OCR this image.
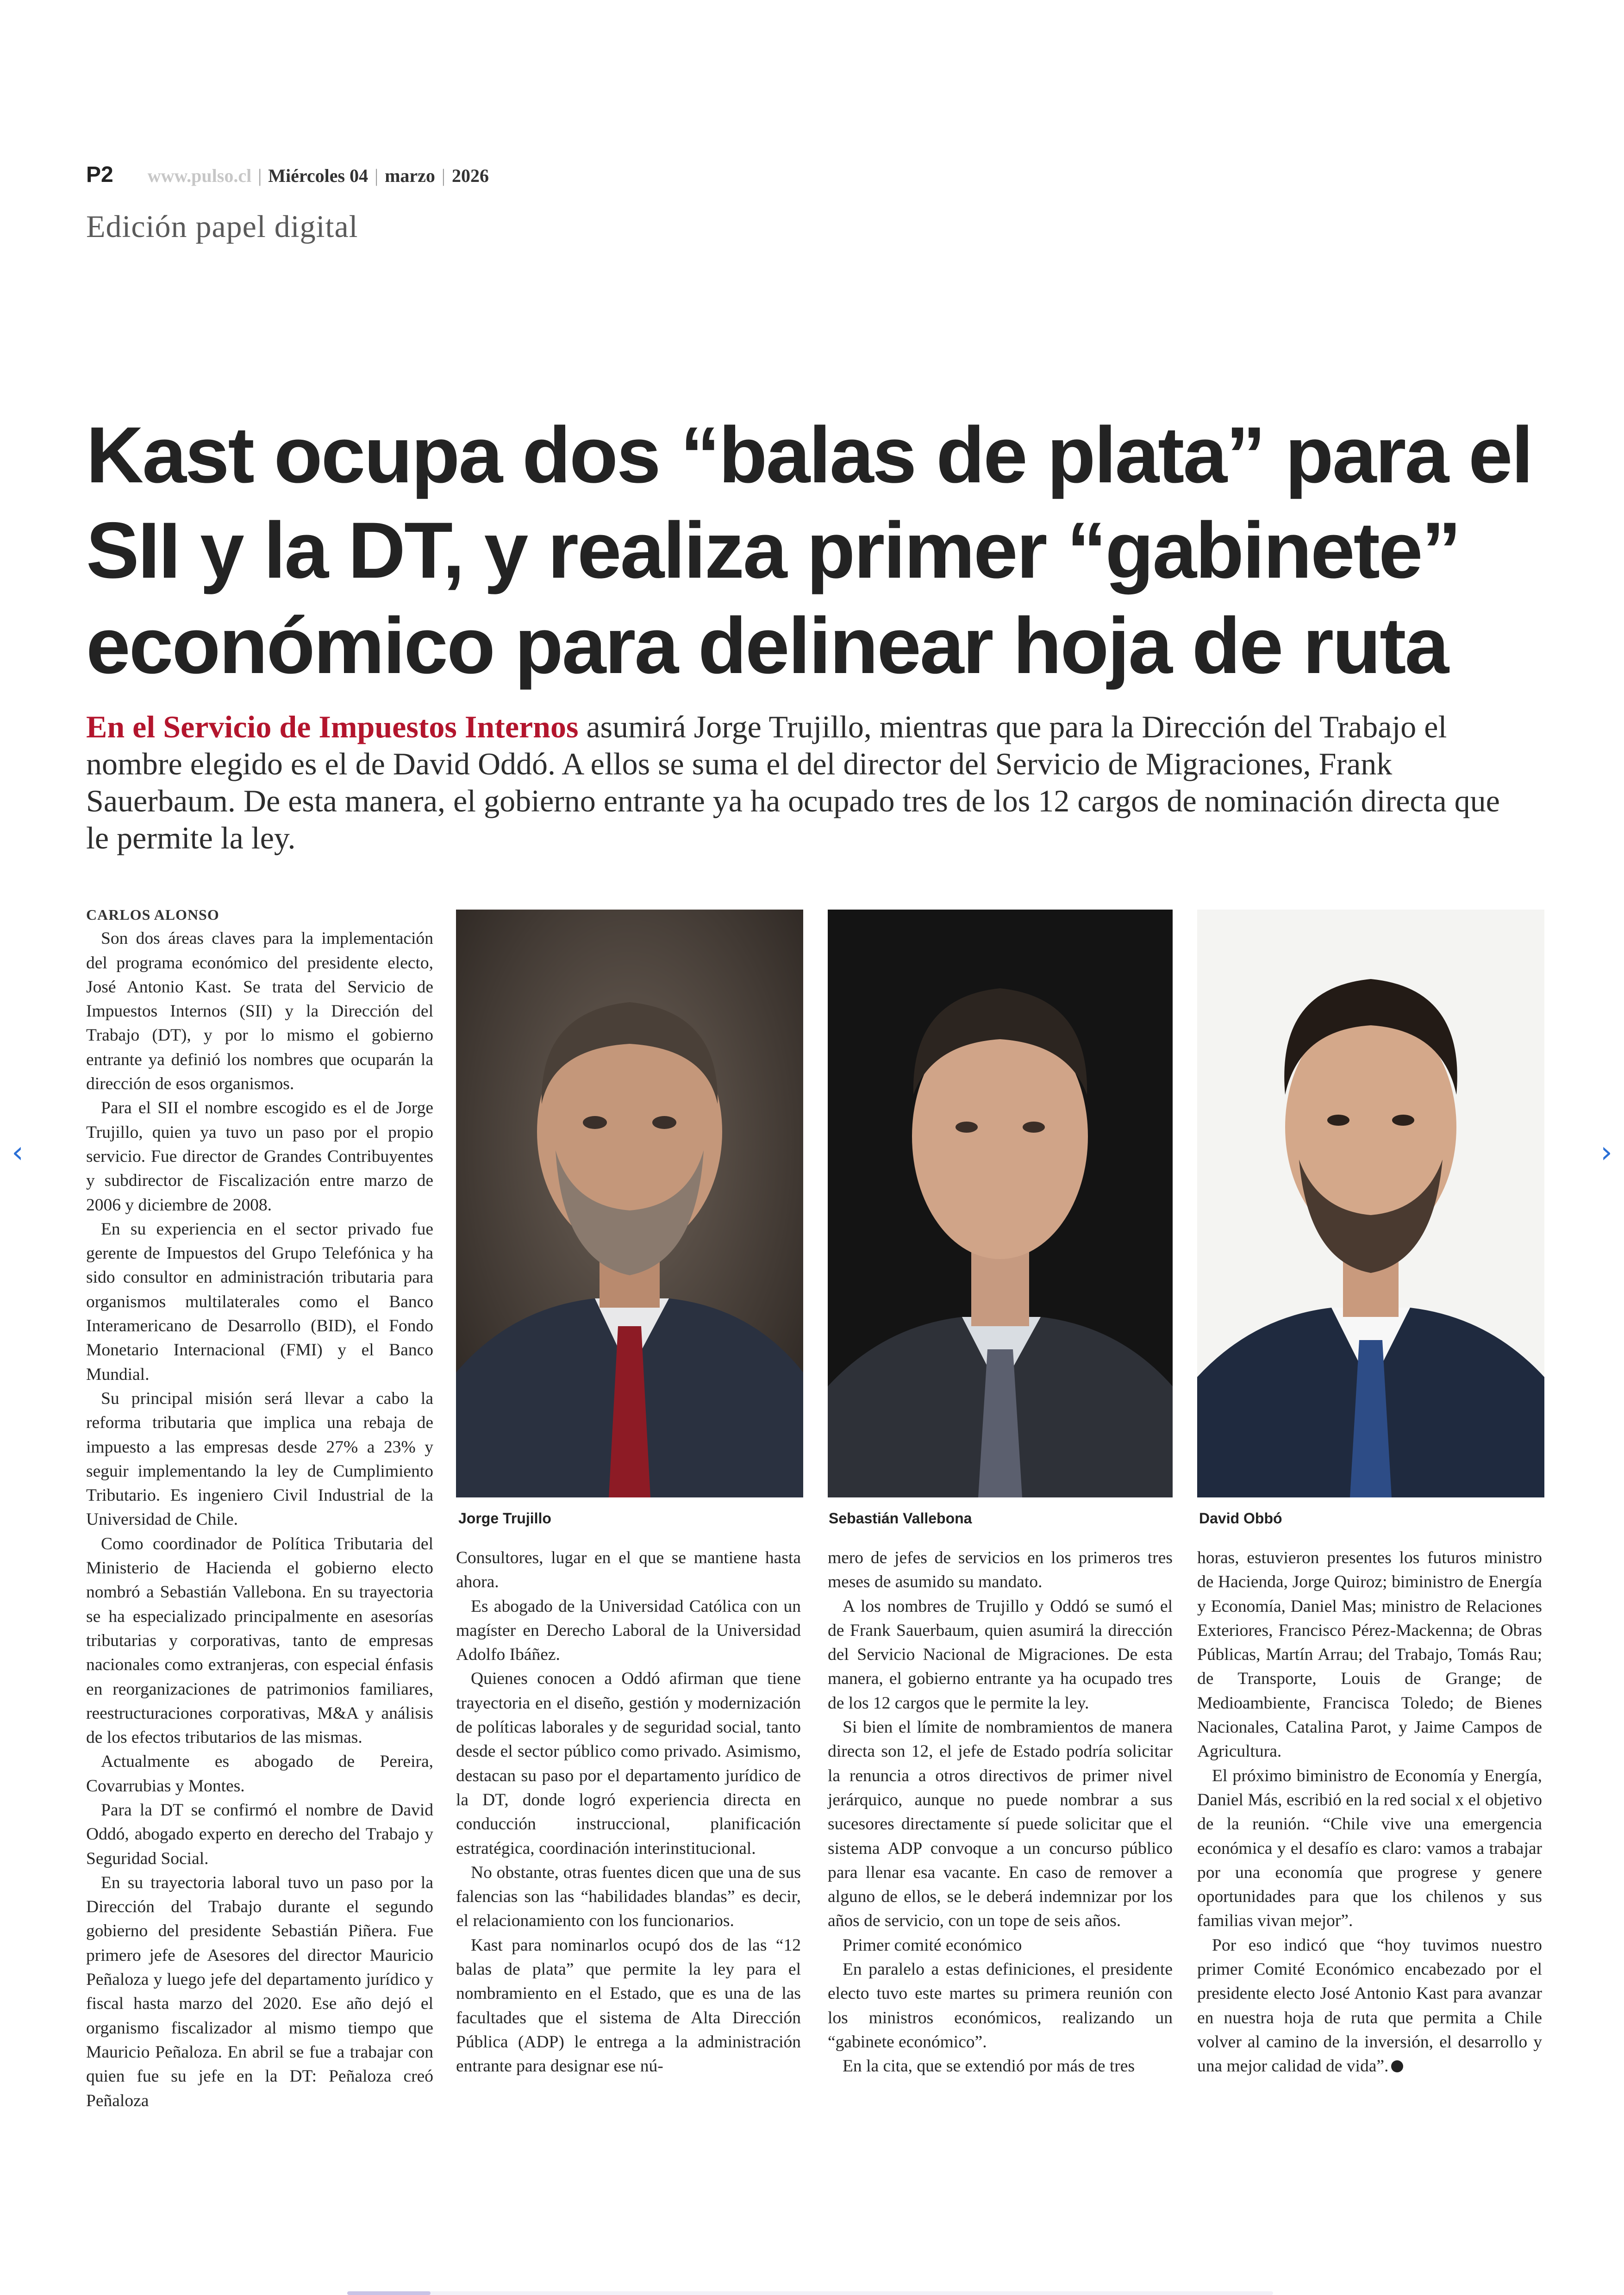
P2 www.pulso.cl | Miércoles 04 | marzo | 2026
Edición papel digital
Kast ocupa dos “balas de plata” para el SII y la DT, y realiza primer “gabinete” económico para delinear hoja de ruta

En el Servicio de Impuestos Internos asumirá Jorge Trujillo, mientras que para la Dirección del Trabajo el nombre elegido es el de David Oddó. A ellos se suma el del director del Servicio de Migraciones, Frank Sauerbaum. De esta manera, el gobierno entrante ya ha ocupado tres de los 12 cargos de nominación directa que le permite la ley.

CARLOS ALONSO

Son dos áreas claves para la implementación del programa económico del presidente electo, José Antonio Kast. Se trata del Servicio de Impuestos Internos (SII) y la Dirección del Trabajo (DT), y por lo mismo el gobierno entrante ya definió los nombres que ocuparán la dirección de esos organismos.

Para el SII el nombre escogido es el de Jorge Trujillo, quien ya tuvo un paso por el propio servicio. Fue director de Grandes Contribuyentes y subdirector de Fiscalización entre marzo de 2006 y diciembre de 2008.

En su experiencia en el sector privado fue gerente de Impuestos del Grupo Telefónica y ha sido consultor en administración tributaria para organismos multilaterales como el Banco Interamericano de Desarrollo (BID), el Fondo Monetario Internacional (FMI) y el Banco Mundial.

Su principal misión será llevar a cabo la reforma tributaria que implica una rebaja de impuesto a las empresas desde 27% a 23% y seguir implementando la ley de Cumplimiento Tributario. Es ingeniero Civil Industrial de la Universidad de Chile.

Como coordinador de Política Tributaria del Ministerio de Hacienda el gobierno electo nombró a Sebastián Vallebona. En su trayectoria se ha especializado principalmente en asesorías tributarias y corporativas, tanto de empresas nacionales como extranjeras, con especial énfasis en reorganizaciones de patrimonios familiares, reestructuraciones corporativas, M&A y análisis de los efectos tributarios de las mismas.

Actualmente es abogado de Pereira, Covarrubias y Montes.

Para la DT se confirmó el nombre de David Oddó, abogado experto en derecho del Trabajo y Seguridad Social.

En su trayectoria laboral tuvo un paso por la Dirección del Trabajo durante el segundo gobierno del presidente Sebastián Piñera. Fue primero jefe de Asesores del director Mauricio Peñaloza y luego jefe del departamento jurídico y fiscal hasta marzo del 2020. Ese año dejó el organismo fiscalizador al mismo tiempo que Mauricio Peñaloza. En abril se fue a trabajar con quien fue su jefe en la DT: Peñaloza creó Peñaloza

Jorge Trujillo	Sebastián Vallebona	David Obbó

Consultores, lugar en el que se mantiene hasta ahora.

Es abogado de la Universidad Católica con un magíster en Derecho Laboral de la Universidad Adolfo Ibáñez.

Quienes conocen a Oddó afirman que tiene trayectoria en el diseño, gestión y modernización de políticas laborales y de seguridad social, tanto desde el sector público como privado. Asimismo, destacan su paso por el departamento jurídico de la DT, donde logró experiencia directa en conducción instruccional, planificación estratégica, coordinación interinstitucional.

No obstante, otras fuentes dicen que una de sus falencias son las “habilidades blandas” es decir, el relacionamiento con los funcionarios.

Kast para nominarlos ocupó dos de las “12 balas de plata” que permite la ley para el nombramiento en el Estado, que es una de las facultades que el sistema de Alta Dirección Pública (ADP) le entrega a la administración entrante para designar ese nú-

mero de jefes de servicios en los primeros tres meses de asumido su mandato.

A los nombres de Trujillo y Oddó se sumó el de Frank Sauerbaum, quien asumirá la dirección del Servicio Nacional de Migraciones. De esta manera, el gobierno entrante ya ha ocupado tres de los 12 cargos que le permite la ley.

Si bien el límite de nombramientos de manera directa son 12, el jefe de Estado podría solicitar la renuncia a otros directivos de primer nivel jerárquico, aunque no puede nombrar a sus sucesores directamente sí puede solicitar que el sistema ADP convoque a un concurso público para llenar esa vacante. En caso de remover a alguno de ellos, se le deberá indemnizar por los años de servicio, con un tope de seis años.

Primer comité económico

En paralelo a estas definiciones, el presidente electo tuvo este martes su primera reunión con los ministros económicos, realizando un “gabinete económico”.

En la cita, que se extendió por más de tres

horas, estuvieron presentes los futuros ministro de Hacienda, Jorge Quiroz; biministro de Energía y Economía, Daniel Mas; ministro de Relaciones Exteriores, Francisco Pérez-Mackenna; de Obras Públicas, Martín Arrau; del Trabajo, Tomás Rau; de Transporte, Louis de Grange; de Medioambiente, Francisca Toledo; de Bienes Nacionales, Catalina Parot, y Jaime Campos de Agricultura.

El próximo biministro de Economía y Energía, Daniel Más, escribió en la red social x el objetivo de la reunión. “Chile vive una emergencia económica y el desafío es claro: vamos a trabajar por una economía que progrese y genere oportunidades para que los chilenos y sus familias vivan mejor”.

Por eso indicó que “hoy tuvimos nuestro primer Comité Económico encabezado por el presidente electo José Antonio Kast para avanzar en nuestra hoja de ruta que permita a Chile volver al camino de la inversión, el desarrollo y una mejor calidad de vida”.

‹	›
